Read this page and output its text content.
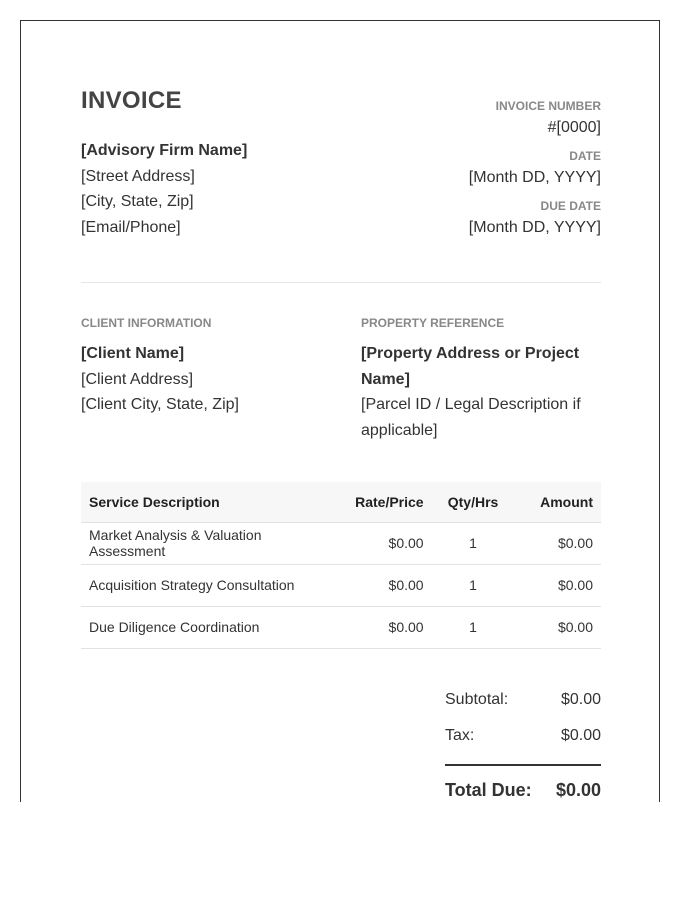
INVOICE
[Advisory Firm Name]
[Street Address]
[City, State, Zip]
[Email/Phone]
INVOICE NUMBER
#[0000]
DATE
[Month DD, YYYY]
DUE DATE
[Month DD, YYYY]
CLIENT INFORMATION
[Client Name]
[Client Address]
[Client City, State, Zip]
PROPERTY REFERENCE
[Property Address or Project Name]
[Parcel ID / Legal Description if applicable]
Service Description	Rate/Price	Qty/Hrs	Amount
Market Analysis & Valuation Assessment	$0.00	1	$0.00
Acquisition Strategy Consultation	$0.00	1	$0.00
Due Diligence Coordination	$0.00	1	$0.00
Subtotal:	$0.00
Tax:	$0.00
Total Due: $0.00
